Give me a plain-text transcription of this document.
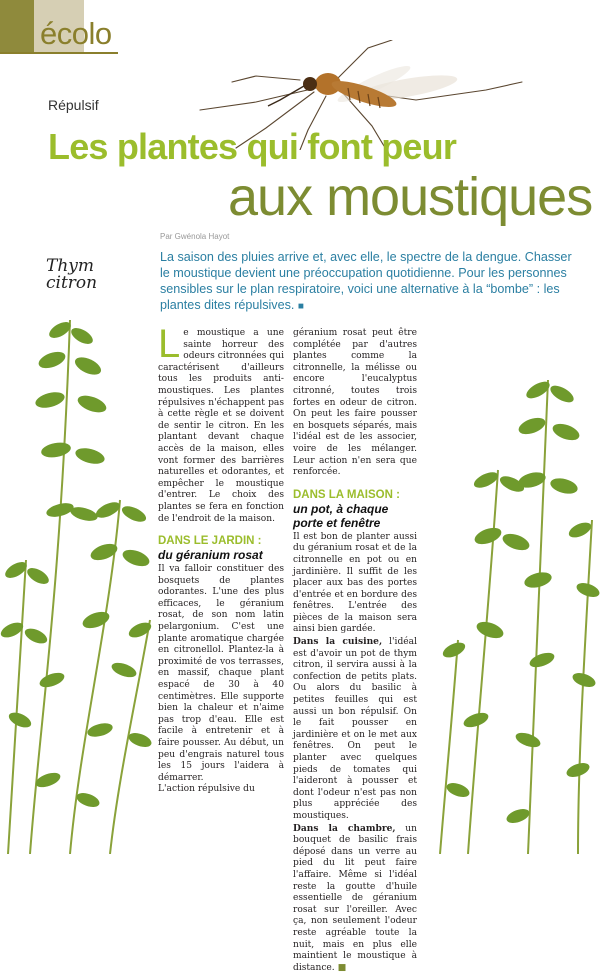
écolo
Répulsif
Les plantes qui font peur
aux moustiques
Par Gwénola Hayot
La saison des pluies arrive et, avec elle, le spectre de la dengue. Chasser le moustique devient une préoccupation quotidienne. Pour les personnes sensibles sur le plan respiratoire, voici une alternative à la “bombe” : les plantes dites répulsives. ■
Thym
citron

Le moustique a une sainte horreur des odeurs citronnées qui caractérisent d'ailleurs tous les produits anti-moustiques. Les plantes répulsives n'échappent pas à cette règle et se doivent de sentir le citron. En les plantant devant chaque accès de la maison, elles vont former des barrières naturelles et odorantes, et empêcher le moustique d'entrer. Le choix des plantes se fera en fonction de l'endroit de la maison.

DANS LE JARDIN :
du géranium rosat

Il va falloir constituer des bosquets de plantes odorantes. L'une des plus efficaces, le géranium rosat, de son nom latin pelargonium. C'est une plante aromatique chargée en citronellol. Plantez-la à proximité de vos terrasses, en massif, chaque plant espacé de 30 à 40 centimètres. Elle supporte bien la chaleur et n'aime pas trop d'eau. Elle est facile à entretenir et à faire pousser. Au début, un peu d'engrais naturel tous les 15 jours l'aidera à démarrer.

L'action répulsive du

géranium rosat peut être complétée par d'autres plantes comme la citronnelle, la mélisse ou encore l'eucalyptus citronné, toutes trois fortes en odeur de citron. On peut les faire pousser en bosquets séparés, mais l'idéal est de les associer, voire de les mélanger. Leur action n'en sera que renforcée.

DANS LA MAISON :
un pot, à chaque
porte et fenêtre

Il est bon de planter aussi du géranium rosat et de la citronnelle en pot ou en jardinière. Il suffit de les placer aux bas des portes d'entrée et en bordure des fenêtres. L'entrée des pièces de la maison sera ainsi bien gardée.

Dans la cuisine, l'idéal est d'avoir un pot de thym citron, il servira aussi à la confection de petits plats. Ou alors du basilic à petites feuilles qui est aussi un bon répulsif. On le fait pousser en jardinière et on le met aux fenêtres. On peut le planter avec quelques pieds de tomates qui l'aideront à pousser et dont l'odeur n'est pas non plus appréciée des moustiques.

Dans la chambre, un bouquet de basilic frais déposé dans un verre au pied du lit peut faire l'affaire. Même si l'idéal reste la goutte d'huile essentielle de géranium rosat sur l'oreiller. Avec ça, non seulement l'odeur reste agréable toute la nuit, mais en plus elle maintient le moustique à distance. ■
